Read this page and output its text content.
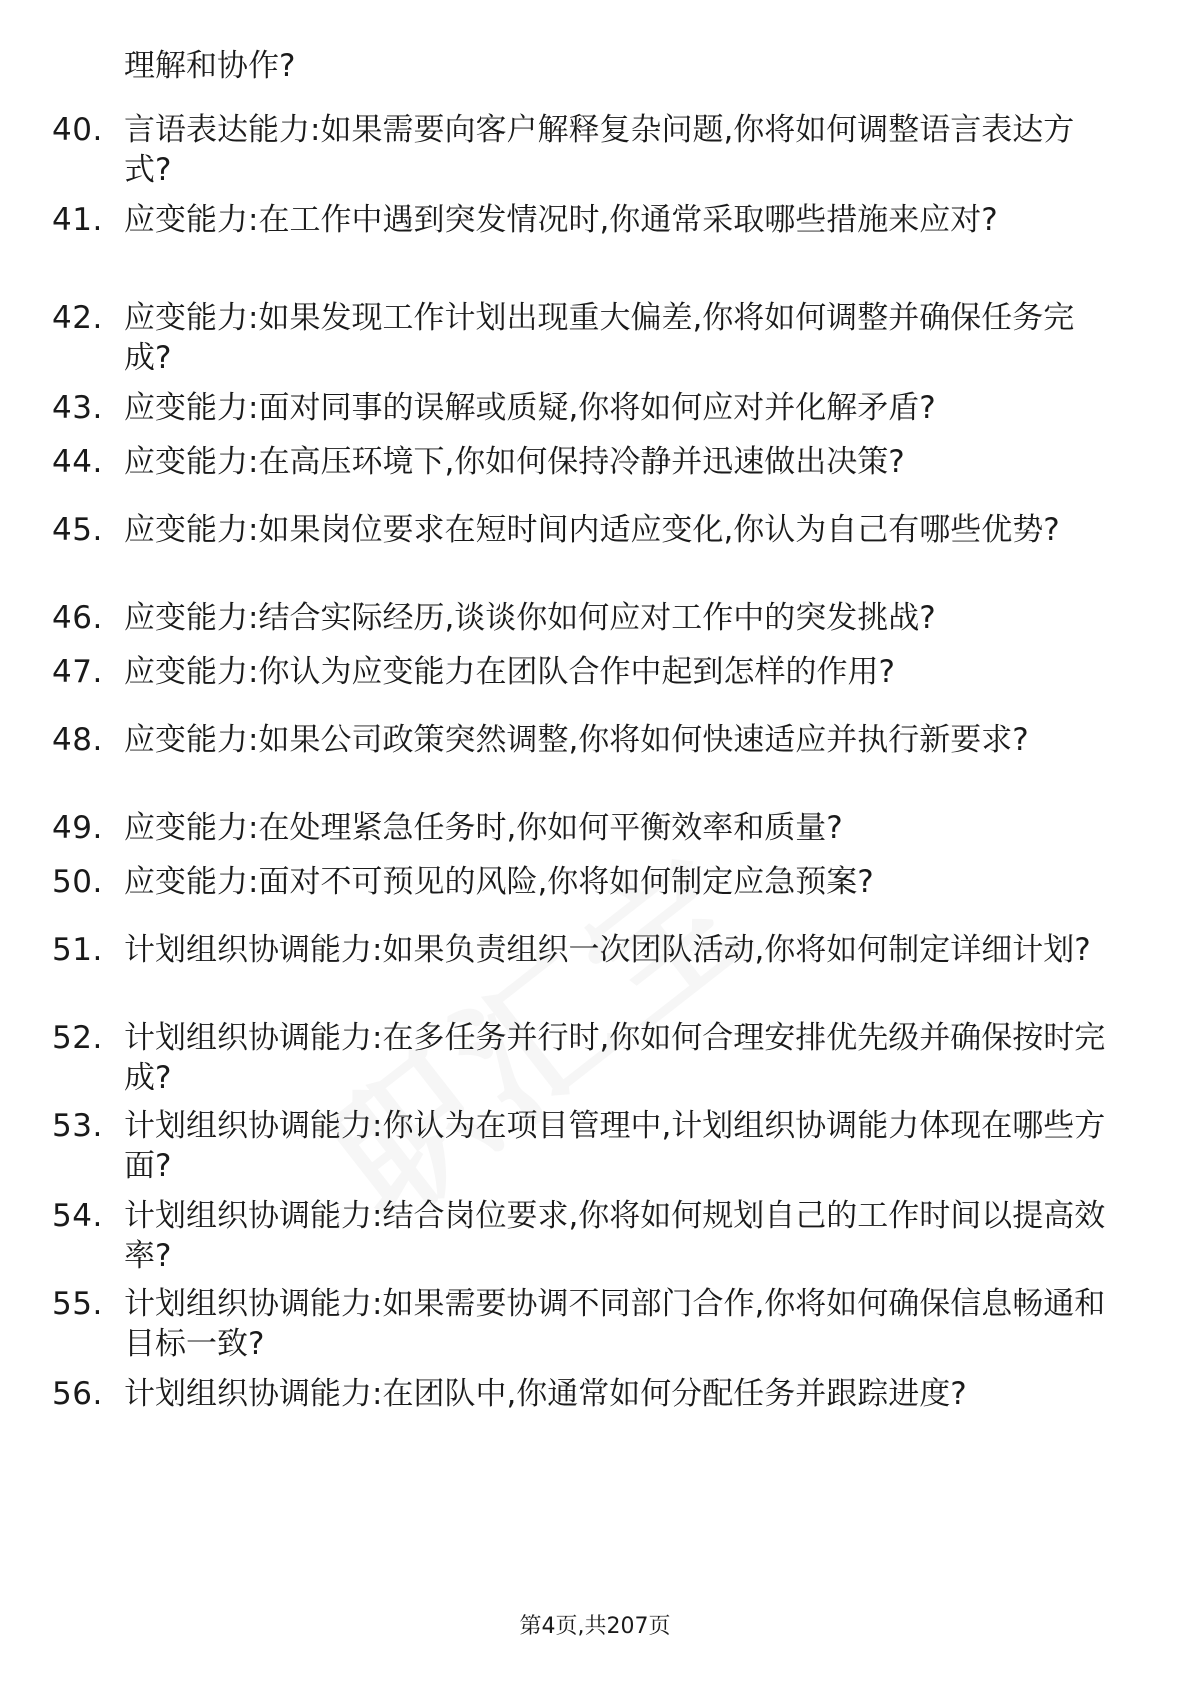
理解和协作?
40. 言语表达能力:如果需要向客户解释复杂问题,你将如何调整语言表达方式?
41. 应变能力:在工作中遇到突发情况时,你通常采取哪些措施来应对?
42. 应变能力:如果发现工作计划出现重大偏差,你将如何调整并确保任务完成?
43. 应变能力:面对同事的误解或质疑,你将如何应对并化解矛盾?
44. 应变能力:在高压环境下,你如何保持冷静并迅速做出决策?
45. 应变能力:如果岗位要求在短时间内适应变化,你认为自己有哪些优势?
46. 应变能力:结合实际经历,谈谈你如何应对工作中的突发挑战?
47. 应变能力:你认为应变能力在团队合作中起到怎样的作用?
48. 应变能力:如果公司政策突然调整,你将如何快速适应并执行新要求?
49. 应变能力:在处理紧急任务时,你如何平衡效率和质量?
50. 应变能力:面对不可预见的风险,你将如何制定应急预案?
51. 计划组织协调能力:如果负责组织一次团队活动,你将如何制定详细计划?
52. 计划组织协调能力:在多任务并行时,你如何合理安排优先级并确保按时完成?
53. 计划组织协调能力:你认为在项目管理中,计划组织协调能力体现在哪些方面?
54. 计划组织协调能力:结合岗位要求,你将如何规划自己的工作时间以提高效率?
55. 计划组织协调能力:如果需要协调不同部门合作,你将如何确保信息畅通和目标一致?
56. 计划组织协调能力:在团队中,你通常如何分配任务并跟踪进度?
第4页,共207页
